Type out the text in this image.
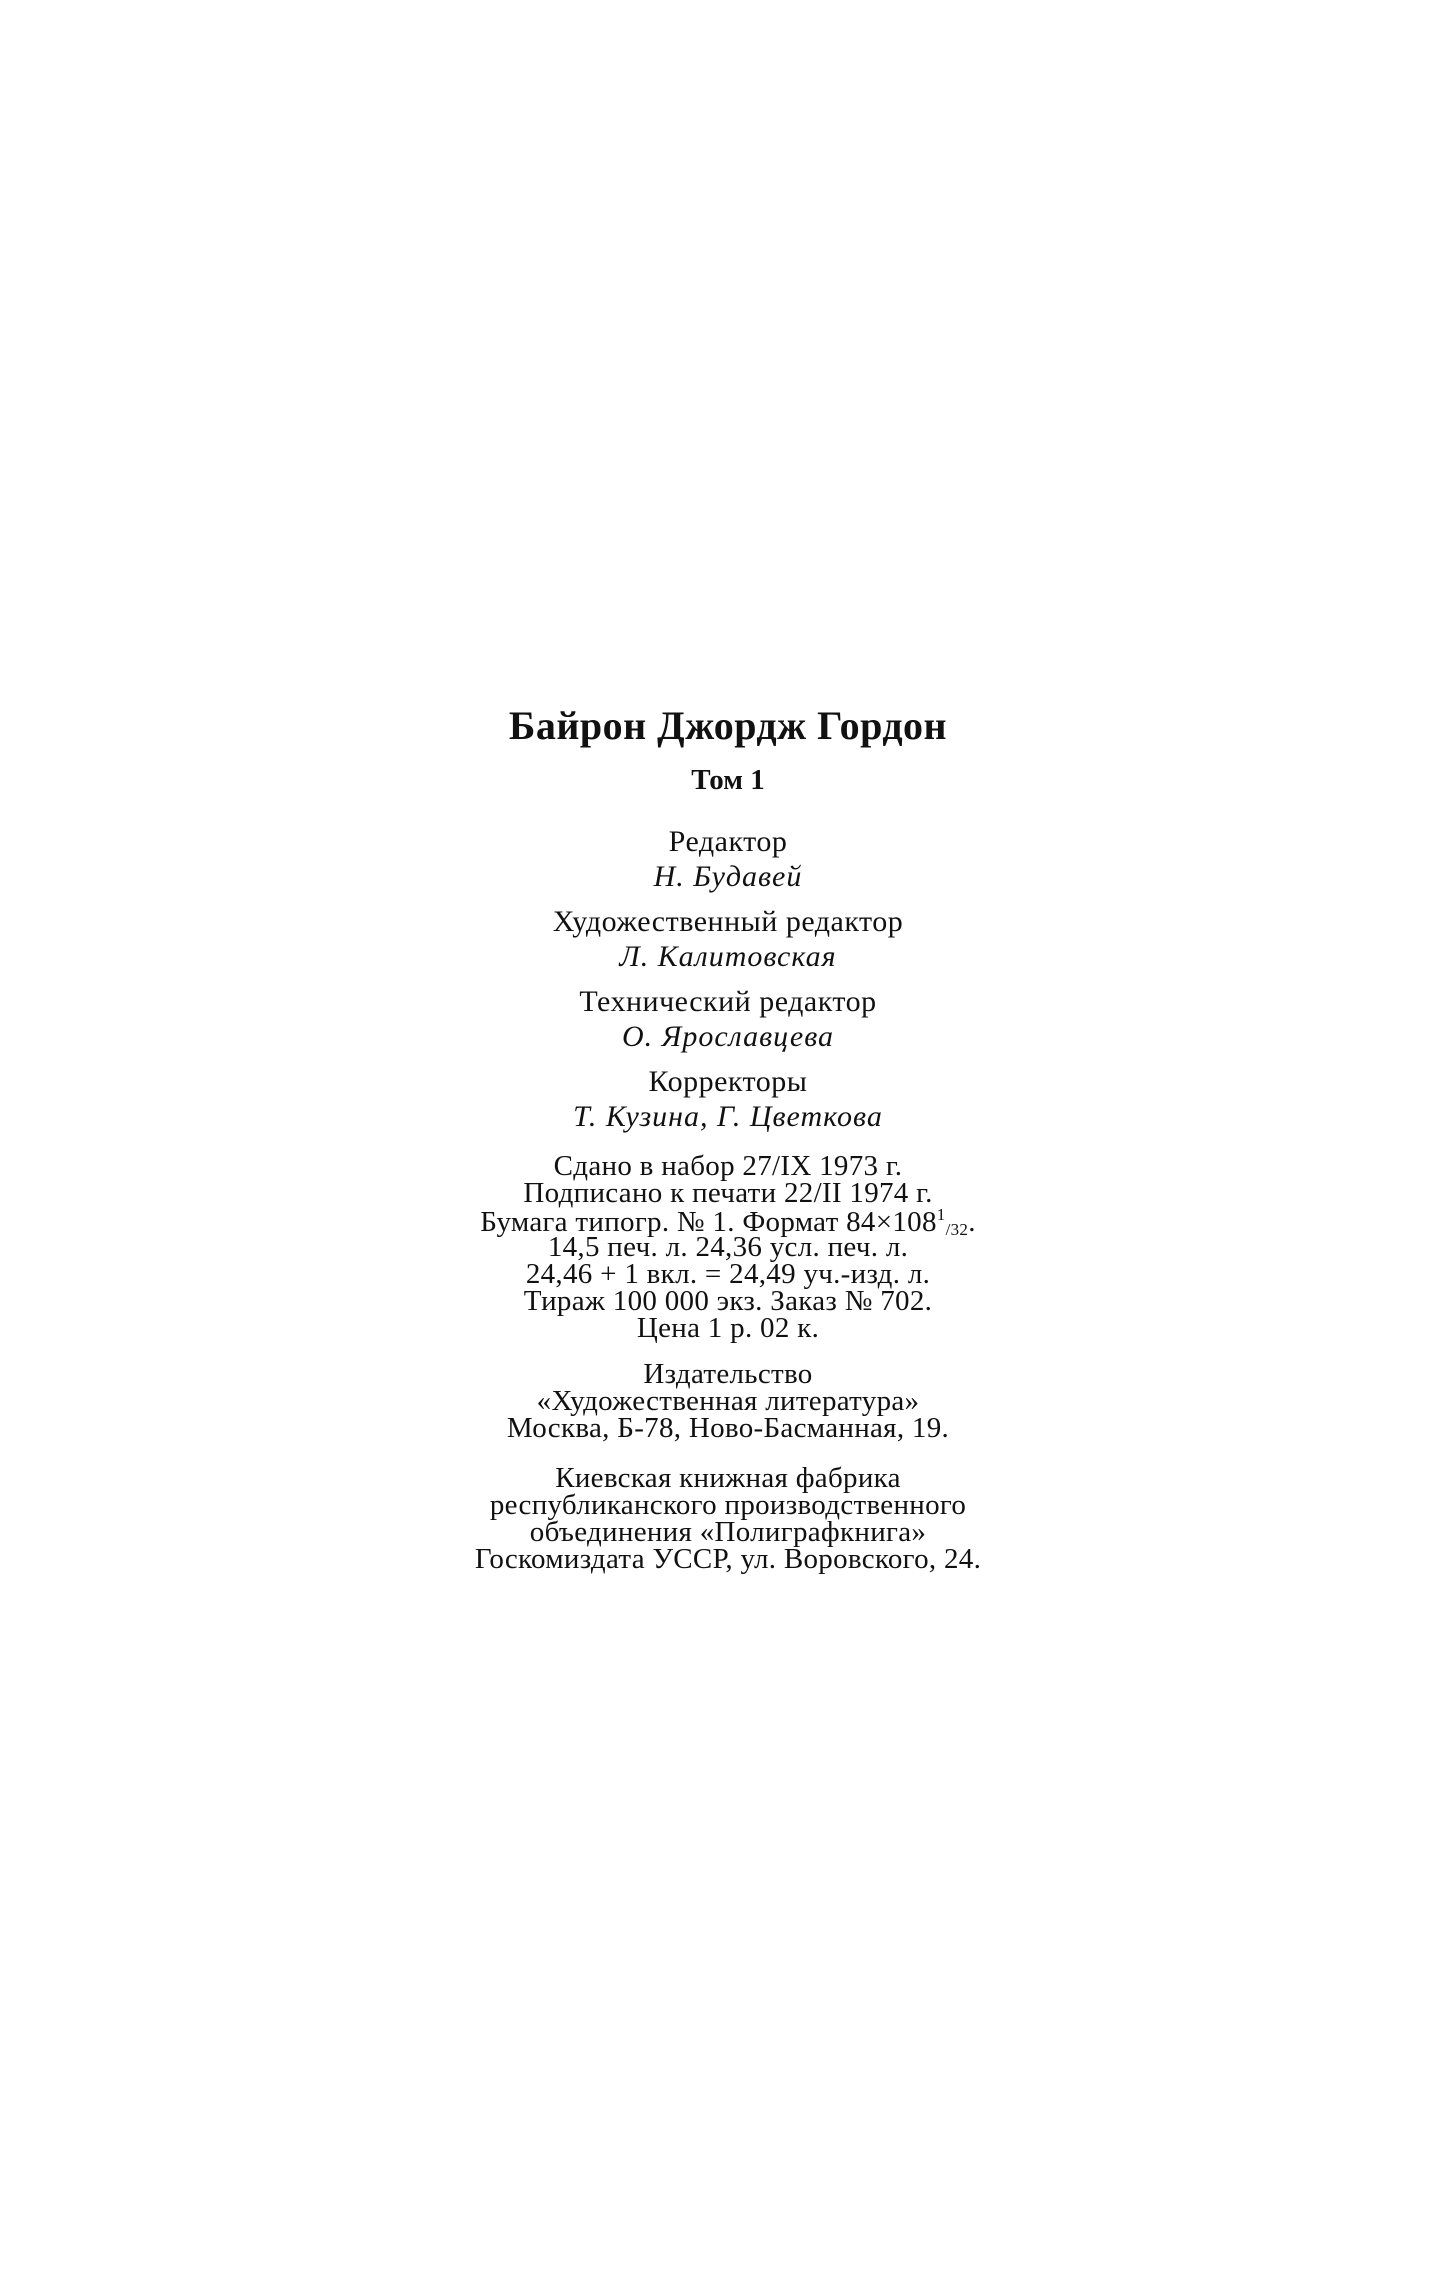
Байрон Джордж Гордон
Том 1
Редактор
Н. Будавей
Художественный редактор
Л. Калитовская
Технический редактор
О. Ярославцева
Корректоры
Т. Кузина, Г. Цветкова
Сдано в набор 27/IX 1973 г.
Подписано к печати 22/II 1974 г.
Бумага типогр. № 1. Формат $84\times 108^1/32$.
14,5 печ. л. 24,36 усл. печ. л.
24,46 + 1 вкл. = 24,49 уч.-изд. л.
Тираж 100 000 экз. Заказ № 702.
Цена 1 р. 02 к.
Издательство
«Художественная литература»
Москва, Б-78, Ново-Басманная, 19.
Киевская книжная фабрика
республиканского производственного
объединения «Полиграфкнига»
Госкомиздата УССР, ул. Воровского, 24.
